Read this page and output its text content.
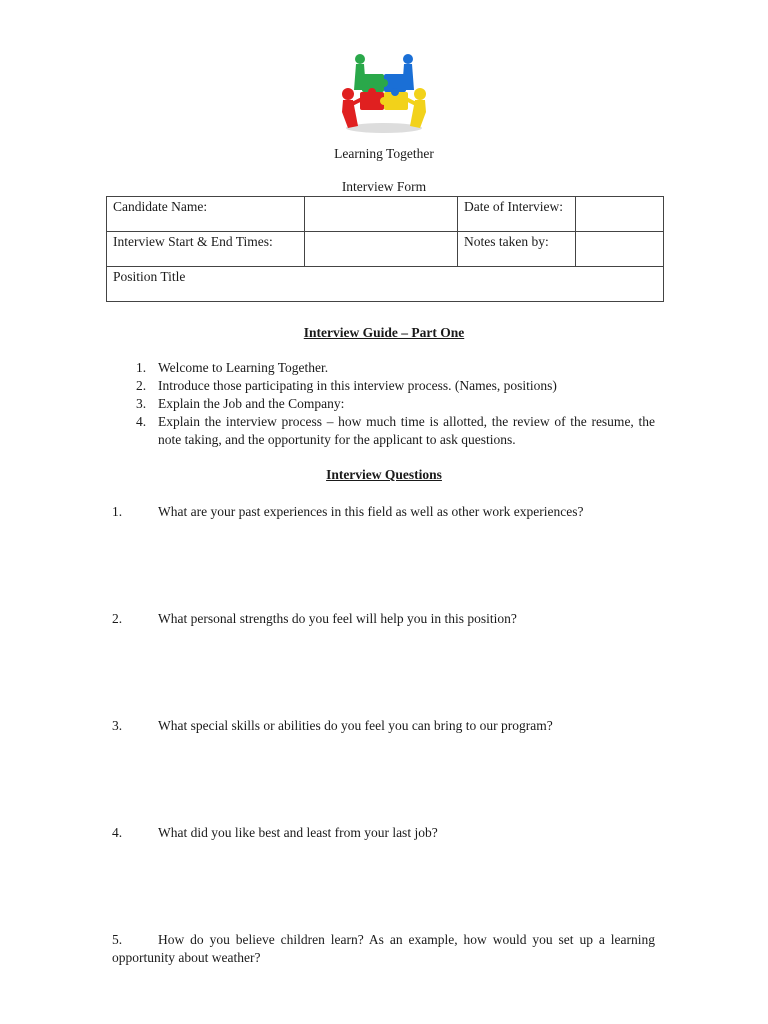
Learning Together
Interview Form
Candidate Name:		Date of Interview:	
Interview Start & End Times:		Notes taken by:	
Position Title			
Interview Guide – Part One
1. Welcome to Learning Together.
2. Introduce those participating in this interview process. (Names, positions)
3. Explain the Job and the Company:
4. Explain the interview process – how much time is allotted, the review of the resume, the note taking, and the opportunity for the applicant to ask questions.
Interview Questions
1.	What are your past experiences in this field as well as other work experiences?
2.	What personal strengths do you feel will help you in this position?
3.	What special skills or abilities do you feel you can bring to our program?
4.	What did you like best and least from your last job?
5.	How do you believe children learn? As an example, how would you set up a learning opportunity about weather?
